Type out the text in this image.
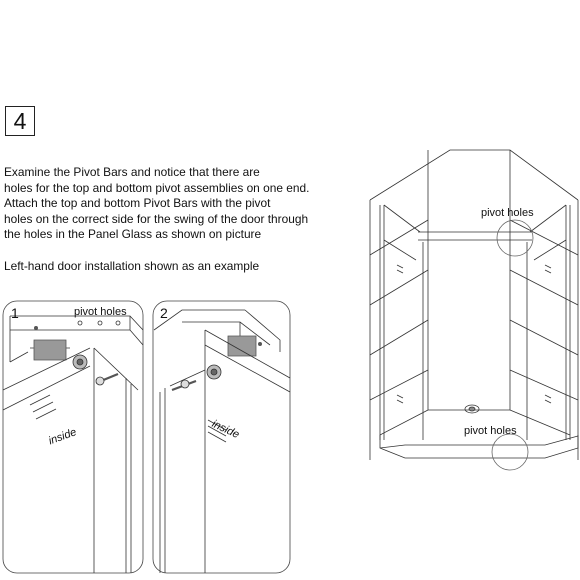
4
Examine the Pivot Bars and notice that there are
holes for the top and bottom pivot assemblies on one end.
Attach the top and bottom Pivot Bars with the pivot
holes on the correct side for the swing of the door through
the holes in the Panel Glass as shown on picture
Left-hand door installation shown as an example
1	pivot holes
inside
2
inside
pivot holes
pivot holes
